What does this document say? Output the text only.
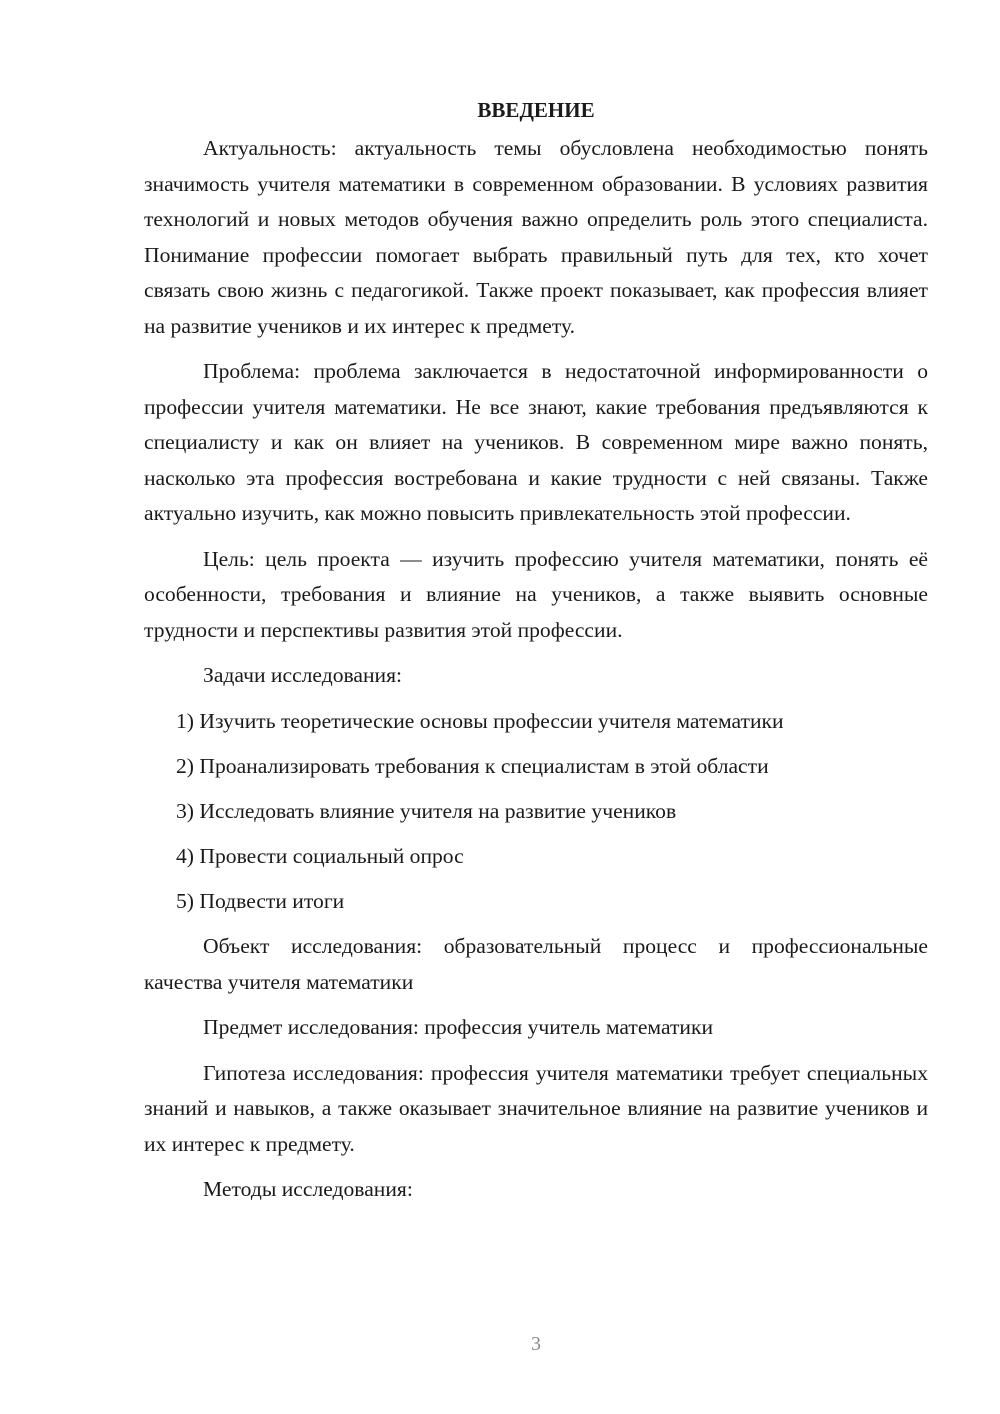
ВВЕДЕНИЕ

Актуальность: актуальность темы обусловлена необходимостью понять значимость учителя математики в современном образовании. В условиях развития технологий и новых методов обучения важно определить роль этого специалиста. Понимание профессии помогает выбрать правильный путь для тех, кто хочет связать свою жизнь с педагогикой. Также проект показывает, как профессия влияет на развитие учеников и их интерес к предмету.

Проблема: проблема заключается в недостаточной информированности о профессии учителя математики. Не все знают, какие требования предъявляются к специалисту и как он влияет на учеников. В современном мире важно понять, насколько эта профессия востребована и какие трудности с ней связаны. Также актуально изучить, как можно повысить привлекательность этой профессии.

Цель: цель проекта — изучить профессию учителя математики, понять её особенности, требования и влияние на учеников, а также выявить основные трудности и перспективы развития этой профессии.

Задачи исследования:

1) Изучить теоретические основы профессии учителя математики

2) Проанализировать требования к специалистам в этой области

3) Исследовать влияние учителя на развитие учеников

4) Провести социальный опрос

5) Подвести итоги

Объект исследования: образовательный процесс и профессиональные качества учителя математики

Предмет исследования: профессия учитель математики

Гипотеза исследования: профессия учителя математики требует специальных знаний и навыков, а также оказывает значительное влияние на развитие учеников и их интерес к предмету.

Методы исследования:

3
